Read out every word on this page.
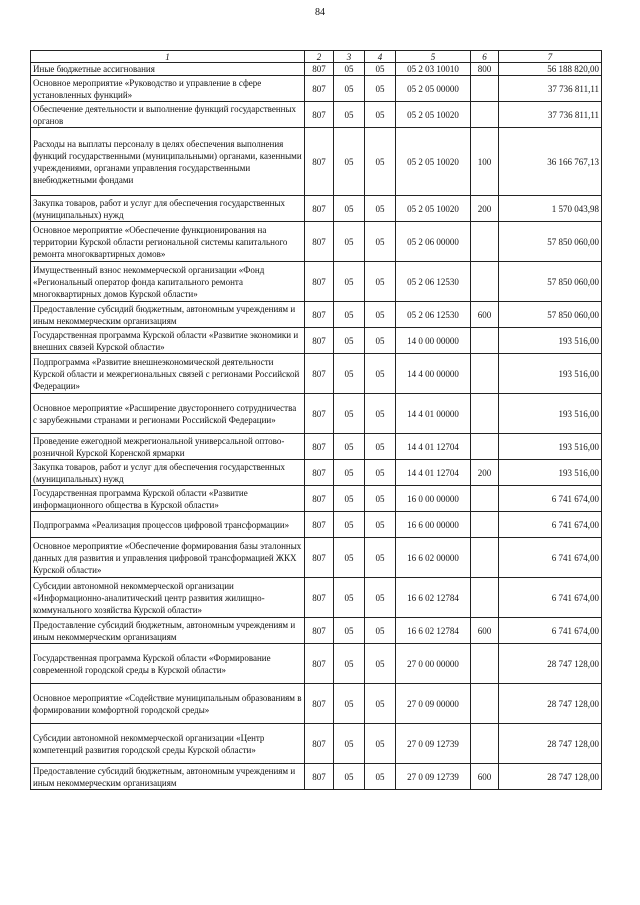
84
1	2	3	4	5	6	7
Иные бюджетные ассигнования	807	05	05	05 2 03 10010	800	56 188 820,00
Основное мероприятие «Руководство и управление в сфере установленных функций»	807	05	05	05 2 05 00000		37 736 811,11
Обеспечение деятельности и выполнение функций государственных органов	807	05	05	05 2 05 10020		37 736 811,11
Расходы на выплаты персоналу в целях обеспечения выполнения функций государственными (муниципальными) органами, казенными учреждениями, органами управления государственными внебюджетными фондами	807	05	05	05 2 05 10020	100	36 166 767,13
Закупка товаров, работ и услуг для обеспечения государственных (муниципальных) нужд	807	05	05	05 2 05 10020	200	1 570 043,98
Основное мероприятие «Обеспечение функционирования на территории Курской области региональной системы капитального ремонта многоквартирных домов»	807	05	05	05 2 06 00000		57 850 060,00
Имущественный взнос некоммерческой организации «Фонд «Региональный оператор фонда капитального ремонта многоквартирных домов Курской области»	807	05	05	05 2 06 12530		57 850 060,00
Предоставление субсидий бюджетным, автономным учреждениям и иным некоммерческим организациям	807	05	05	05 2 06 12530	600	57 850 060,00
Государственная программа Курской области «Развитие экономики и внешних связей Курской области»	807	05	05	14 0 00 00000		193 516,00
Подпрограмма «Развитие внешнеэкономической деятельности Курской области и межрегиональных связей с регионами Российской Федерации»	807	05	05	14 4 00 00000		193 516,00
Основное мероприятие «Расширение двустороннего сотрудничества с зарубежными странами и регионами Российской Федерации»	807	05	05	14 4 01 00000		193 516,00
Проведение ежегодной межрегиональной универсальной оптово-розничной Курской Коренской ярмарки	807	05	05	14 4 01 12704		193 516,00
Закупка товаров, работ и услуг для обеспечения государственных (муниципальных) нужд	807	05	05	14 4 01 12704	200	193 516,00
Государственная программа Курской области «Развитие информационного общества в Курской области»	807	05	05	16 0 00 00000		6 741 674,00
Подпрограмма «Реализация процессов цифровой трансформации»	807	05	05	16 6 00 00000		6 741 674,00
Основное мероприятие «Обеспечение формирования базы эталонных данных для развития и управления цифровой трансформацией ЖКХ Курской области»	807	05	05	16 6 02 00000		6 741 674,00
Субсидии автономной некоммерческой организации «Информационно-аналитический центр развития жилищно-коммунального хозяйства Курской области»	807	05	05	16 6 02 12784		6 741 674,00
Предоставление субсидий бюджетным, автономным учреждениям и иным некоммерческим организациям	807	05	05	16 6 02 12784	600	6 741 674,00
Государственная программа Курской области «Формирование современной городской среды в Курской области»	807	05	05	27 0 00 00000		28 747 128,00
Основное мероприятие «Содействие муниципальным образованиям в формировании комфортной городской среды»	807	05	05	27 0 09 00000		28 747 128,00
Субсидии автономной некоммерческой организации «Центр компетенций развития городской среды Курской области»	807	05	05	27 0 09 12739		28 747 128,00
Предоставление субсидий бюджетным, автономным учреждениям и иным некоммерческим организациям	807	05	05	27 0 09 12739	600	28 747 128,00
